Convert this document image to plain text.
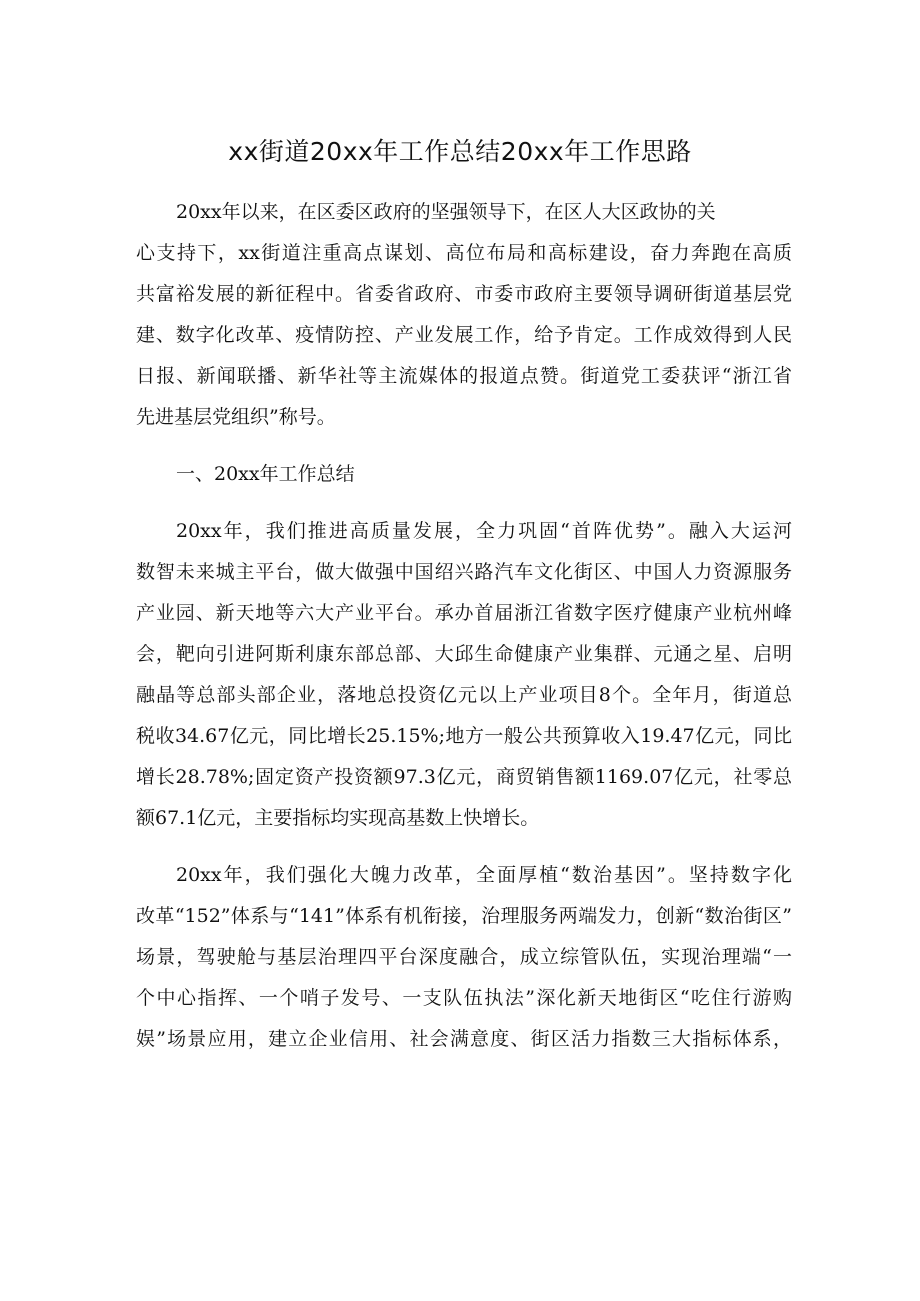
xx街道20xx年工作总结20xx年工作思路
20xx年以来，在区委区政府的坚强领导下，在区人大区政协的关
心支持下，xx街道注重高点谋划、高位布局和高标建设，奋力奔跑在高质
共富裕发展的新征程中。省委省政府、市委市政府主要领导调研街道基层党
建、数字化改革、疫情防控、产业发展工作，给予肯定。工作成效得到人民
日报、新闻联播、新华社等主流媒体的报道点赞。街道党工委获评“浙江省
先进基层党组织”称号。
一、20xx年工作总结
20xx年，我们推进高质量发展，全力巩固“首阵优势”。融入大运河
数智未来城主平台，做大做强中国绍兴路汽车文化街区、中国人力资源服务
产业园、新天地等六大产业平台。承办首届浙江省数字医疗健康产业杭州峰
会，靶向引进阿斯利康东部总部、大邱生命健康产业集群、元通之星、启明
融晶等总部头部企业，落地总投资亿元以上产业项目8个。全年月，街道总
税收34.67亿元，同比增长25.15%;地方一般公共预算收入19.47亿元，同比
增长28.78%;固定资产投资额97.3亿元，商贸销售额1169.07亿元，社零总
额67.1亿元，主要指标均实现高基数上快增长。
20xx年，我们强化大魄力改革，全面厚植“数治基因”。坚持数字化
改革“152”体系与“141”体系有机衔接，治理服务两端发力，创新“数治街区”
场景，驾驶舱与基层治理四平台深度融合，成立综管队伍，实现治理端“一
个中心指挥、一个哨子发号、一支队伍执法”深化新天地街区“吃住行游购
娱”场景应用，建立企业信用、社会满意度、街区活力指数三大指标体系，
